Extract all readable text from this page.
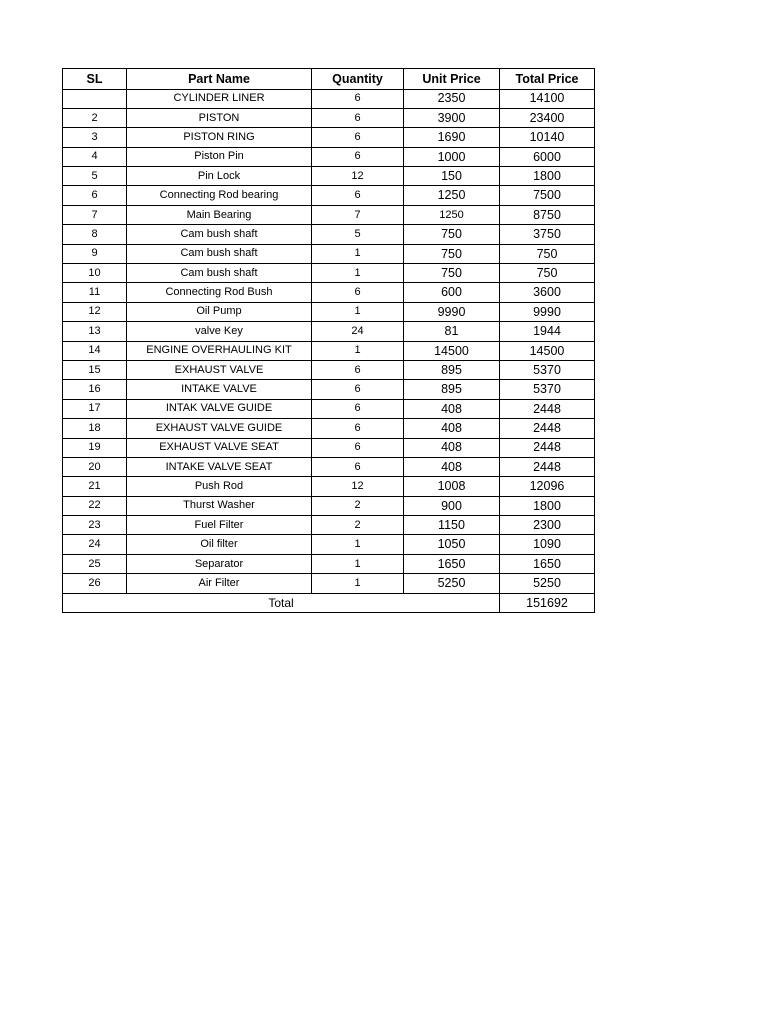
SL	Part Name	Quantity	Unit Price	Total Price
	CYLINDER LINER	6	2350	14100
2	PISTON	6	3900	23400
3	PISTON RING	6	1690	10140
4	Piston Pin	6	1000	6000
5	Pin Lock	12	150	1800
6	Connecting Rod bearing	6	1250	7500
7	Main Bearing	7	1250	8750
8	Cam bush shaft	5	750	3750
9	Cam bush shaft	1	750	750
10	Cam bush shaft	1	750	750
11	Connecting Rod Bush	6	600	3600
12	Oil Pump	1	9990	9990
13	valve Key	24	81	1944
14	ENGINE OVERHAULING KIT	1	14500	14500
15	EXHAUST VALVE	6	895	5370
16	INTAKE VALVE	6	895	5370
17	INTAK VALVE GUIDE	6	408	2448
18	EXHAUST VALVE GUIDE	6	408	2448
19	EXHAUST VALVE SEAT	6	408	2448
20	INTAKE VALVE SEAT	6	408	2448
21	Push Rod	12	1008	12096
22	Thurst Washer	2	900	1800
23	Fuel Filter	2	1150	2300
24	Oil filter	1	1050	1090
25	Separator	1	1650	1650
26	Air Filter	1	5250	5250
Total				151692
